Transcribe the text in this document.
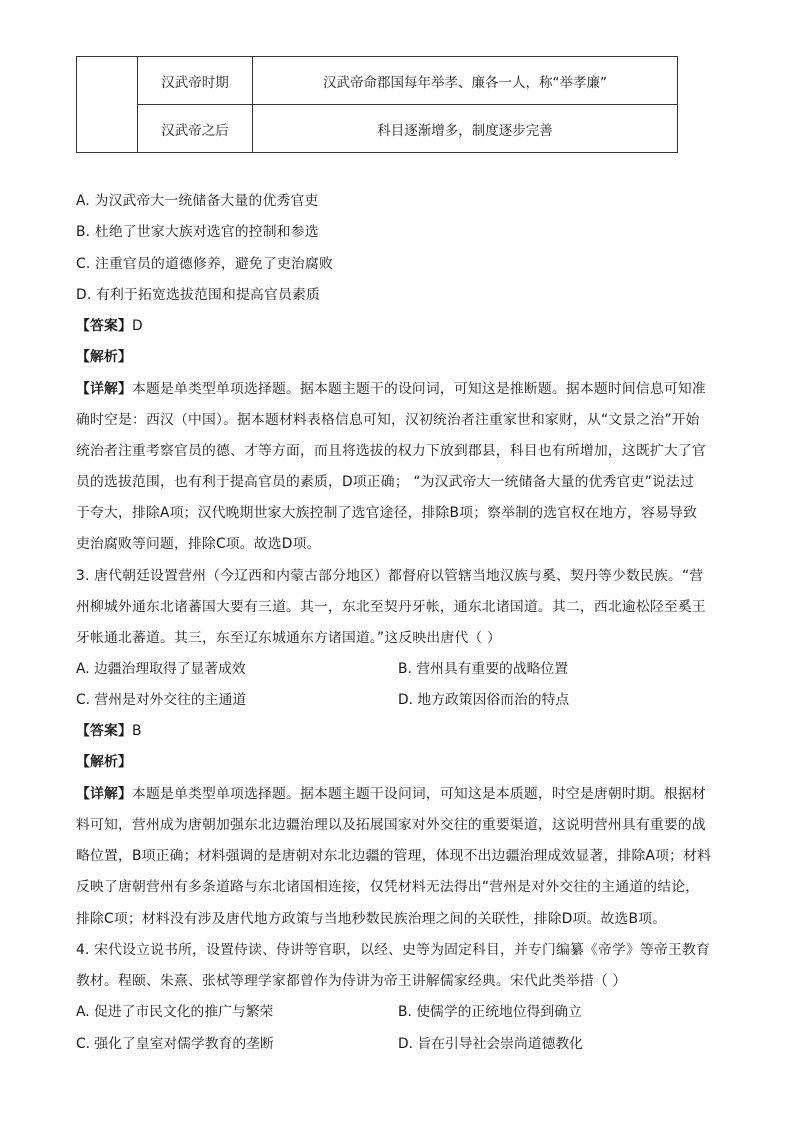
	汉武帝时期	汉武帝命郡国每年举孝、廉各一人，称“举孝廉”
	汉武帝之后	科目逐渐增多，制度逐步完善
A. 为汉武帝大一统储备大量的优秀官吏
B. 杜绝了世家大族对选官的控制和参选
C. 注重官员的道德修养，避免了吏治腐败
D. 有利于拓宽选拔范围和提高官员素质
【答案】D
【解析】
【详解】本题是单类型单项选择题。据本题主题干的设问词，可知这是推断题。据本题时间信息可知准
确时空是：西汉（中国）。据本题材料表格信息可知，汉初统治者注重家世和家财，从“文景之治”开始
统治者注重考察官员的德、才等方面，而且将选拔的权力下放到郡县，科目也有所增加，这既扩大了官
员的选拔范围，也有利于提高官员的素质，D项正确； “为汉武帝大一统储备大量的优秀官吏”说法过
于夸大，排除A项；汉代晚期世家大族控制了选官途径，排除B项；察举制的选官权在地方，容易导致
吏治腐败等问题，排除C项。故选D项。
3. 唐代朝廷设置营州（今辽西和内蒙古部分地区）都督府以管辖当地汉族与奚、契丹等少数民族。“营
州柳城外通东北诸蕃国大要有三道。其一，东北至契丹牙帐，通东北诸国道。其二，西北逾松陉至奚王
牙帐通北蕃道。其三，东至辽东城通东方诸国道。”这反映出唐代（ ）
A. 边疆治理取得了显著成效	B. 营州具有重要的战略位置
C. 营州是对外交往的主通道	D. 地方政策因俗而治的特点
【答案】B
【解析】
【详解】本题是单类型单项选择题。据本题主题干设问词，可知这是本质题，时空是唐朝时期。根据材
料可知，营州成为唐朝加强东北边疆治理以及拓展国家对外交往的重要渠道，这说明营州具有重要的战
略位置，B项正确；材料强调的是唐朝对东北边疆的管理，体现不出边疆治理成效显著，排除A项；材料
反映了唐朝营州有多条道路与东北诸国相连接，仅凭材料无法得出“营州是对外交往的主通道的结论，
排除C项；材料没有涉及唐代地方政策与当地秒数民族治理之间的关联性，排除D项。故选B项。
4. 宋代设立说书所，设置侍读、侍讲等官职，以经、史等为固定科目，并专门编纂《帝学》等帝王教育
教材。程颐、朱熹、张栻等理学家都曾作为侍讲为帝王讲解儒家经典。宋代此类举措（ ）
A. 促进了市民文化的推广与繁荣	B. 使儒学的正统地位得到确立
C. 强化了皇室对儒学教育的垄断	D. 旨在引导社会崇尚道德教化
